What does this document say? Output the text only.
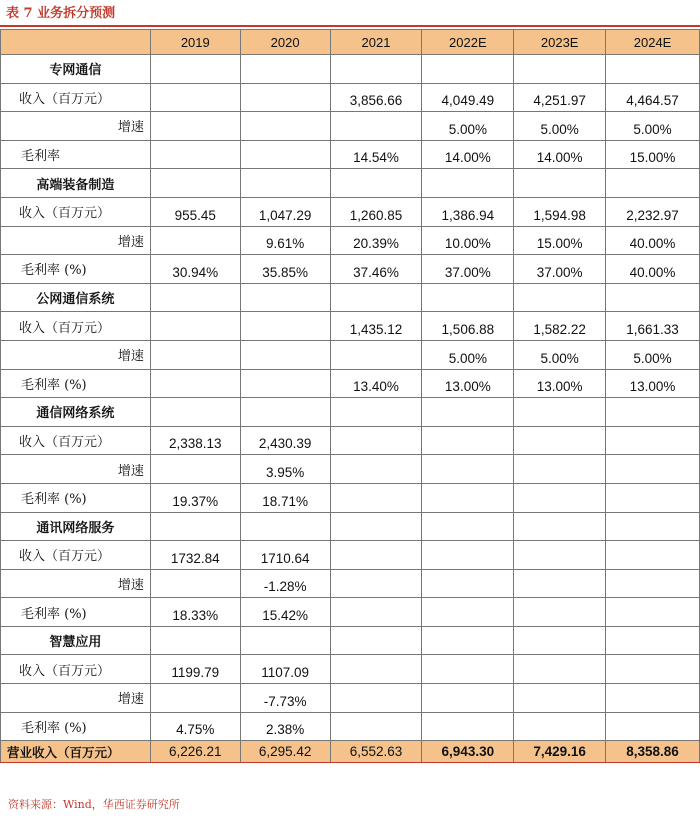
表 7 业务拆分预测
	2019	2020	2021	2022E	2023E	2024E
专网通信						
收入（百万元）			3,856.66	4,049.49	4,251.97	4,464.57
增速				5.00%	5.00%	5.00%
毛利率			14.54%	14.00%	14.00%	15.00%
高端装备制造						
收入（百万元）	955.45	1,047.29	1,260.85	1,386.94	1,594.98	2,232.97
增速		9.61%	20.39%	10.00%	15.00%	40.00%
毛利率 (%)	30.94%	35.85%	37.46%	37.00%	37.00%	40.00%
公网通信系统						
收入（百万元）			1,435.12	1,506.88	1,582.22	1,661.33
增速				5.00%	5.00%	5.00%
毛利率 (%)			13.40%	13.00%	13.00%	13.00%
通信网络系统						
收入（百万元）	2,338.13	2,430.39				
增速		3.95%				
毛利率 (%)	19.37%	18.71%				
通讯网络服务						
收入（百万元）	1732.84	1710.64				
增速		-1.28%				
毛利率 (%)	18.33%	15.42%				
智慧应用						
收入（百万元）	1199.79	1107.09				
增速		-7.73%				
毛利率 (%)	4.75%	2.38%				
营业收入（百万元）	6,226.21	6,295.42	6,552.63	6,943.30	7,429.16	8,358.86
资料来源：Wind，华西证券研究所
